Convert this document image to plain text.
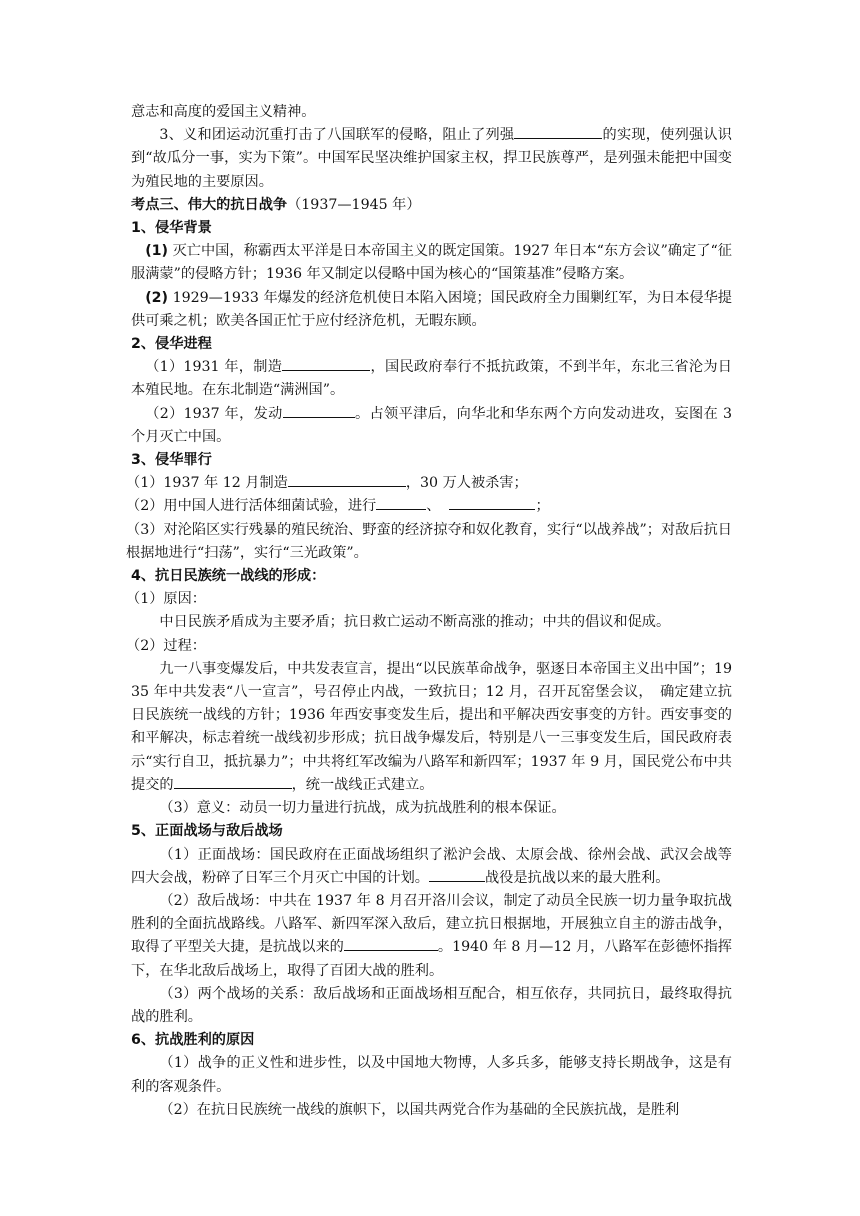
意志和高度的爱国主义精神。

3、义和团运动沉重打击了八国联军的侵略，阻止了列强	的实现，使列强认识到“故瓜分一事，实为下策”。中国军民坚决维护国家主权，捍卫民族尊严，是列强未能把中国变为殖民地的主要原因。

考点三、伟大的抗日战争（1937—1945 年）

1、侵华背景

(1) 灭亡中国，称霸西太平洋是日本帝国主义的既定国策。1927 年日本“东方会议”确定了“征服满蒙”的侵略方针；1936 年又制定以侵略中国为核心的“国策基准”侵略方案。

(2) 1929—1933 年爆发的经济危机使日本陷入困境；国民政府全力围剿红军，为日本侵华提供可乘之机；欧美各国正忙于应付经济危机，无暇东顾。

2、侵华进程

（1）1931 年，制造	，国民政府奉行不抵抗政策，不到半年，东北三省沦为日本殖民地。在东北制造“满洲国”。

（2）1937 年，发动	。占领平津后，向华北和华东两个方向发动进攻，妄图在 3 个月灭亡中国。

3、侵华罪行

（1）1937 年 12 月制造	，30 万人被杀害；

（2）用中国人进行活体细菌试验，进行	、	；

（3）对沦陷区实行残暴的殖民统治、野蛮的经济掠夺和奴化教育，实行“以战养战”；对敌后抗日根据地进行“扫荡”，实行“三光政策”。

4、抗日民族统一战线的形成：

（1）原因：

中日民族矛盾成为主要矛盾；抗日救亡运动不断高涨的推动；中共的倡议和促成。

（2）过程：

九一八事变爆发后，中共发表宣言，提出“以民族革命战争，驱逐日本帝国主义出中国”；1935 年中共发表“八一宣言”，号召停止内战，一致抗日；12 月，召开瓦窑堡会议，　确定建立抗日民族统一战线的方针；1936 年西安事变发生后，提出和平解决西安事变的方针。西安事变的和平解决，标志着统一战线初步形成；抗日战争爆发后，特别是八一三事变发生后，国民政府表示“实行自卫，抵抗暴力”；中共将红军改编为八路军和新四军；1937 年 9 月，国民党公布中共提交的	，统一战线正式建立。

（3）意义：动员一切力量进行抗战，成为抗战胜利的根本保证。

5、正面战场与敌后战场

（1）正面战场：国民政府在正面战场组织了淞沪会战、太原会战、徐州会战、武汉会战等四大会战，粉碎了日军三个月灭亡中国的计划。	战役是抗战以来的最大胜利。

（2）敌后战场：中共在 1937 年 8 月召开洛川会议，制定了动员全民族一切力量争取抗战胜利的全面抗战路线。八路军、新四军深入敌后，建立抗日根据地，开展独立自主的游击战争，取得了平型关大捷，是抗战以来的	。1940 年 8 月—12 月，八路军在彭德怀指挥下，在华北敌后战场上，取得了百团大战的胜利。

（3）两个战场的关系：敌后战场和正面战场相互配合，相互依存，共同抗日，最终取得抗战的胜利。

6、抗战胜利的原因

（1）战争的正义性和进步性，以及中国地大物博，人多兵多，能够支持长期战争，这是有利的客观条件。

（2）在抗日民族统一战线的旗帜下，以国共两党合作为基础的全民族抗战，是胜利
